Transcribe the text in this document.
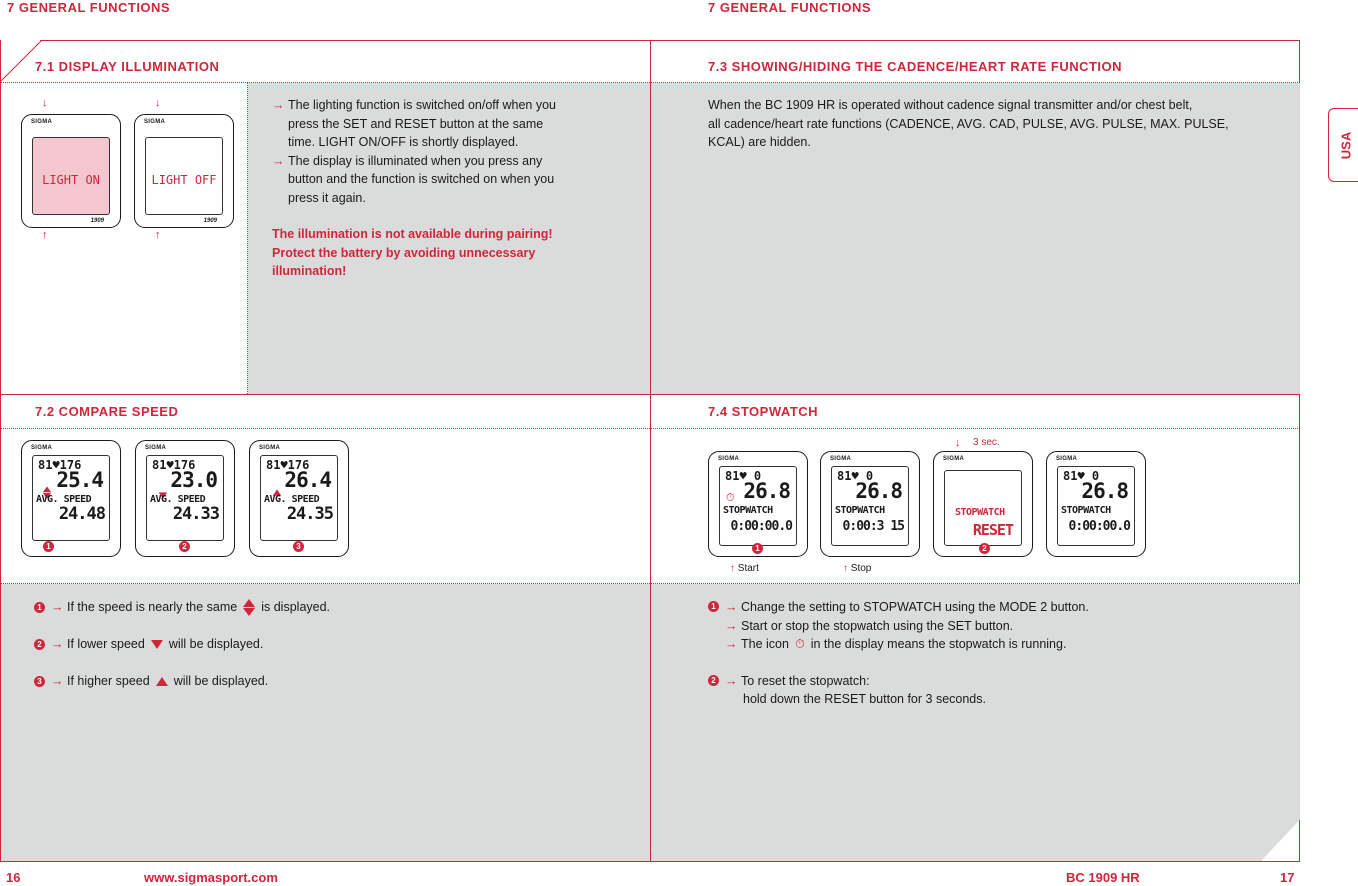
7 GENERAL FUNCTIONS	7 GENERAL FUNCTIONS
7.1 DISPLAY ILLUMINATION
↓	↓
SIGMA
LIGHT ON
1909
SIGMA
LIGHT OFF
1909
↑	↑
→ The lighting function is switched on/off when you
press the SET and RESET button at the same
time. LIGHT ON/OFF is shortly displayed.
→ The display is illuminated when you press any
button and the function is switched on when you
press it again.
The illumination is not available during pairing!
Protect the battery by avoiding unnecessary
illumination!
7.3 SHOWING/HIDING THE CADENCE/HEART RATE FUNCTION
When the BC 1909 HR is operated without cadence signal transmitter and/or chest belt,
all cadence/heart rate functions (CADENCE, AVG. CAD, PULSE, AVG. PULSE, MAX. PULSE,
KCAL) are hidden.
7.2 COMPARE SPEED
SIGMA
81♥176
25.4
AVG. SPEED
24.48
1
SIGMA
81♥176
23.0
AVG. SPEED
24.33
2
SIGMA
81♥176
26.4
AVG. SPEED
24.35
3
1 → If the speed is nearly the same is displayed.
2 → If lower speed will be displayed.
3 → If higher speed will be displayed.
7.4 STOPWATCH
↓ 3 sec.
SIGMA
81♥ 0
⏱ 26.8
STOPWATCH
0:00:00.0
1
SIGMA
81♥ 0
26.8
STOPWATCH
0:00:3 15
SIGMA
STOPWATCH
RESET
2
SIGMA
81♥ 0
26.8
STOPWATCH
0:00:00.0
↑ Start	↑ Stop
1 → Change the setting to STOPWATCH using the MODE 2 button.
→ Start or stop the stopwatch using the SET button.
→ The icon ⏱ in the display means the stopwatch is running.
2 → To reset the stopwatch:
hold down the RESET button for 3 seconds.
USA
16	www.sigmasport.com	BC 1909 HR	17
